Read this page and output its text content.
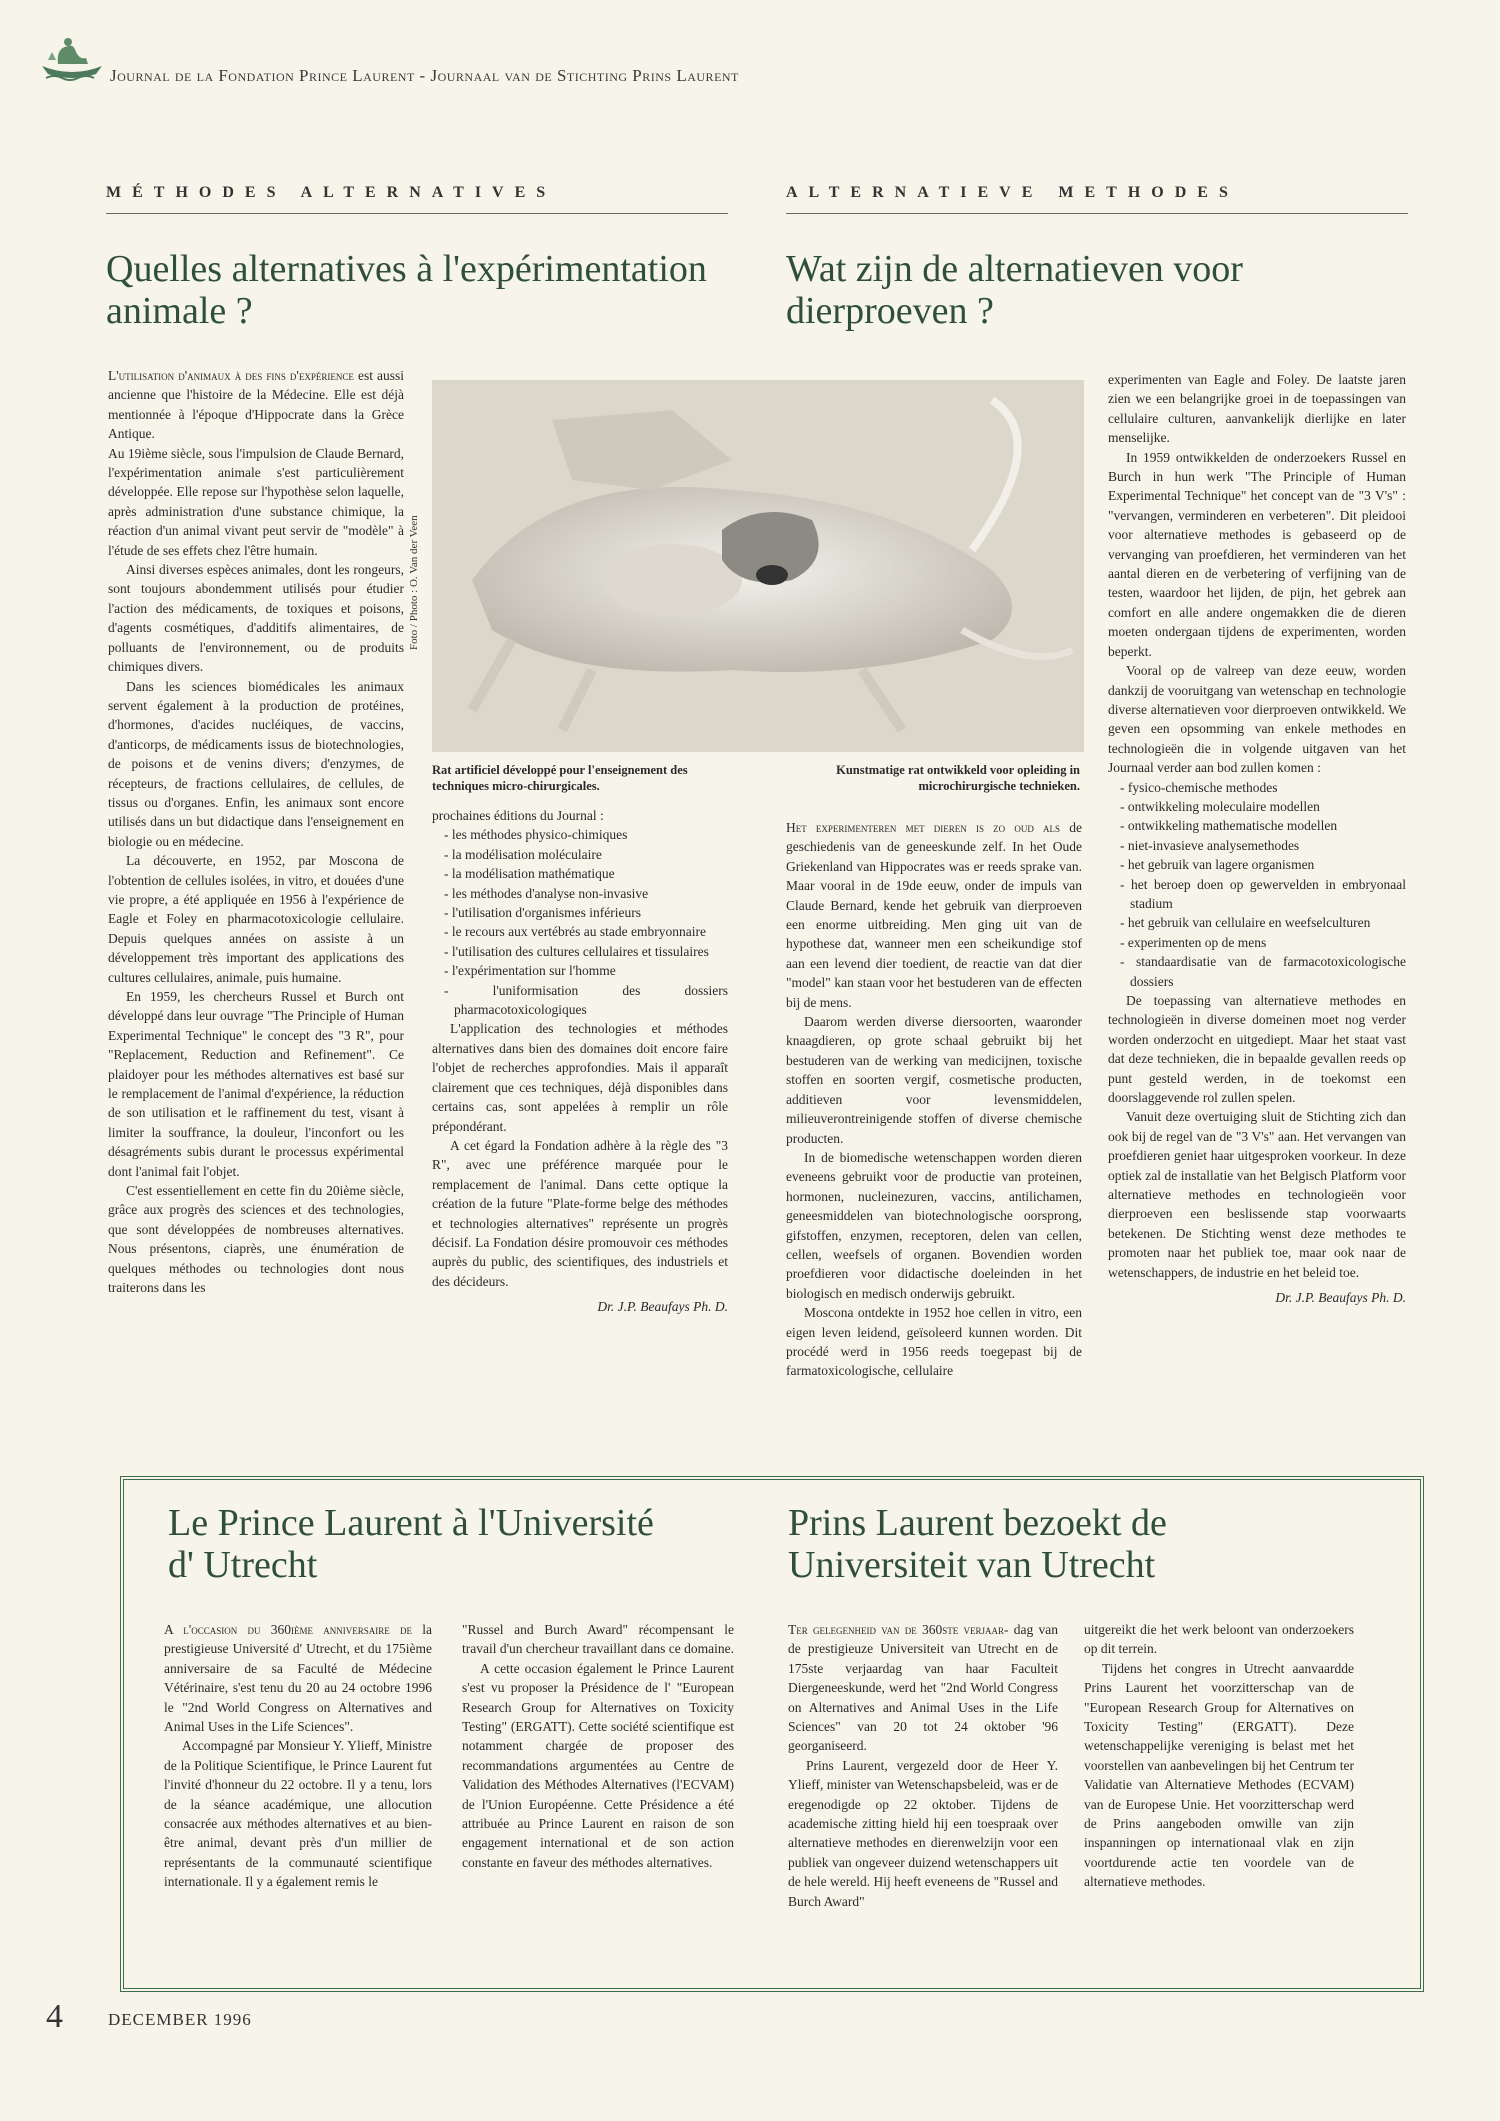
Journal de la Fondation Prince Laurent - Journaal van de Stichting Prins Laurent
MÉTHODES ALTERNATIVES	ALTERNATIEVE METHODES
Quelles alternatives à l'expérimentation animale ?
Wat zijn de alternatieven voor dierproeven ?

L'utilisation d'animaux à des fins d'expérience est aussi ancienne que l'histoire de la Médecine. Elle est déjà mentionnée à l'époque d'Hippocrate dans la Grèce Antique.

Au 19ième siècle, sous l'impulsion de Claude Bernard, l'expérimentation animale s'est particulièrement développée. Elle repose sur l'hypothèse selon laquelle, après administration d'une substance chimique, la réaction d'un animal vivant peut servir de "modèle" à l'étude de ses effets chez l'être humain.

Ainsi diverses espèces animales, dont les rongeurs, sont toujours abondemment utilisés pour étudier l'action des médicaments, de toxiques et poisons, d'agents cosmétiques, d'additifs alimentaires, de polluants de l'environnement, ou de produits chimiques divers.

Dans les sciences biomédicales les animaux servent également à la production de protéines, d'hormones, d'acides nucléiques, de vaccins, d'anticorps, de médicaments issus de biotechnologies, de poisons et de venins divers; d'enzymes, de récepteurs, de fractions cellulaires, de cellules, de tissus ou d'organes. Enfin, les animaux sont encore utilisés dans un but didactique dans l'enseignement en biologie ou en médecine.

La découverte, en 1952, par Moscona de l'obtention de cellules isolées, in vitro, et douées d'une vie propre, a été appliquée en 1956 à l'expérience de Eagle et Foley en pharmacotoxicologie cellulaire. Depuis quelques années on assiste à un développement très important des applications des cultures cellulaires, animale, puis humaine.

En 1959, les chercheurs Russel et Burch ont développé dans leur ouvrage "The Principle of Human Experimental Technique" le concept des "3 R", pour "Replacement, Reduction and Refinement". Ce plaidoyer pour les méthodes alternatives est basé sur le remplacement de l'animal d'expérience, la réduction de son utilisation et le raffinement du test, visant à limiter la souffrance, la douleur, l'inconfort ou les désagréments subis durant le processus expérimental dont l'animal fait l'objet.

C'est essentiellement en cette fin du 20ième siècle, grâce aux progrès des sciences et des technologies, que sont développées de nombreuses alternatives. Nous présentons, ciaprès, une énumération de quelques méthodes ou technologies dont nous traiterons dans les

Foto / Photo : O. Van der Veen
Rat artificiel développé pour l'enseignement des techniques micro-chirurgicales.
Kunstmatige rat ontwikkeld voor opleiding in microchirurgische technieken.

prochaines éditions du Journal :

- les méthodes physico-chimiques
- la modélisation moléculaire
- la modélisation mathématique
- les méthodes d'analyse non-invasive
- l'utilisation d'organismes inférieurs
- le recours aux vertébrés au stade embryonnaire
- l'utilisation des cultures cellulaires et tissulaires
- l'expérimentation sur l'homme
- l'uniformisation des dossiers pharmacotoxicologiques

L'application des technologies et méthodes alternatives dans bien des domaines doit encore faire l'objet de recherches approfondies. Mais il apparaît clairement que ces techniques, déjà disponibles dans certains cas, sont appelées à remplir un rôle prépondérant.

A cet égard la Fondation adhère à la règle des "3 R", avec une préférence marquée pour le remplacement de l'animal. Dans cette optique la création de la future "Plate-forme belge des méthodes et technologies alternatives" représente un progrès décisif. La Fondation désire promouvoir ces méthodes auprès du public, des scientifiques, des industriels et des décideurs.

Dr. J.P. Beaufays Ph. D.

Het experimenteren met dieren is zo oud als de geschiedenis van de geneeskunde zelf. In het Oude Griekenland van Hippocrates was er reeds sprake van. Maar vooral in de 19de eeuw, onder de impuls van Claude Bernard, kende het gebruik van dierproeven een enorme uitbreiding. Men ging uit van de hypothese dat, wanneer men een scheikundige stof aan een levend dier toedient, de reactie van dat dier "model" kan staan voor het bestuderen van de effecten bij de mens.

Daarom werden diverse diersoorten, waaronder knaagdieren, op grote schaal gebruikt bij het bestuderen van de werking van medicijnen, toxische stoffen en soorten vergif, cosmetische producten, additieven voor levensmiddelen, milieuverontreinigende stoffen of diverse chemische producten.

In de biomedische wetenschappen worden dieren eveneens gebruikt voor de productie van proteinen, hormonen, nucleinezuren, vaccins, antilichamen, geneesmiddelen van biotechnologische oorsprong, gifstoffen, enzymen, receptoren, delen van cellen, cellen, weefsels of organen. Bovendien worden proefdieren voor didactische doeleinden in het biologisch en medisch onderwijs gebruikt.

Moscona ontdekte in 1952 hoe cellen in vitro, een eigen leven leidend, geïsoleerd kunnen worden. Dit procédé werd in 1956 reeds toegepast bij de farmatoxicologische, cellulaire

experimenten van Eagle and Foley. De laatste jaren zien we een belangrijke groei in de toepassingen van cellulaire culturen, aanvankelijk dierlijke en later menselijke.

In 1959 ontwikkelden de onderzoekers Russel en Burch in hun werk "The Principle of Human Experimental Technique" het concept van de "3 V's" : "vervangen, verminderen en verbeteren". Dit pleidooi voor alternatieve methodes is gebaseerd op de vervanging van proefdieren, het verminderen van het aantal dieren en de verbetering of verfijning van de testen, waardoor het lijden, de pijn, het gebrek aan comfort en alle andere ongemakken die de dieren moeten ondergaan tijdens de experimenten, worden beperkt.

Vooral op de valreep van deze eeuw, worden dankzij de vooruitgang van wetenschap en technologie diverse alternatieven voor dierproeven ontwikkeld. We geven een opsomming van enkele methodes en technologieën die in volgende uitgaven van het Journaal verder aan bod zullen komen :

- fysico-chemische methodes
- ontwikkeling moleculaire modellen
- ontwikkeling mathematische modellen
- niet-invasieve analysemethodes
- het gebruik van lagere organismen
- het beroep doen op gewervelden in embryonaal stadium
- het gebruik van cellulaire en weefselculturen
- experimenten op de mens
- standaardisatie van de farmacotoxicologische dossiers

De toepassing van alternatieve methodes en technologieën in diverse domeinen moet nog verder worden onderzocht en uitgediept. Maar het staat vast dat deze technieken, die in bepaalde gevallen reeds op punt gesteld werden, in de toekomst een doorslaggevende rol zullen spelen.

Vanuit deze overtuiging sluit de Stichting zich dan ook bij de regel van de "3 V's" aan. Het vervangen van proefdieren geniet haar uitgesproken voorkeur. In deze optiek zal de installatie van het Belgisch Platform voor alternatieve methodes en technologieën voor dierproeven een beslissende stap voorwaarts betekenen. De Stichting wenst deze methodes te promoten naar het publiek toe, maar ook naar de wetenschappers, de industrie en het beleid toe.

Dr. J.P. Beaufays Ph. D.

Le Prince Laurent à l'Université d' Utrecht
Prins Laurent bezoekt de Universiteit van Utrecht

A l'occasion du 360ième anniversaire de la prestigieuse Université d' Utrecht, et du 175ième anniversaire de sa Faculté de Médecine Vétérinaire, s'est tenu du 20 au 24 octobre 1996 le "2nd World Congress on Alternatives and Animal Uses in the Life Sciences".

Accompagné par Monsieur Y. Ylieff, Ministre de la Politique Scientifique, le Prince Laurent fut l'invité d'honneur du 22 octobre. Il y a tenu, lors de la séance académique, une allocution consacrée aux méthodes alternatives et au bien-être animal, devant près d'un millier de représentants de la communauté scientifique internationale. Il y a également remis le

"Russel and Burch Award" récompensant le travail d'un chercheur travaillant dans ce domaine.

A cette occasion également le Prince Laurent s'est vu proposer la Présidence de l' "European Research Group for Alternatives on Toxicity Testing" (ERGATT). Cette société scientifique est notamment chargée de proposer des recommandations argumentées au Centre de Validation des Méthodes Alternatives (l'ECVAM) de l'Union Européenne. Cette Présidence a été attribuée au Prince Laurent en raison de son engagement international et de son action constante en faveur des méthodes alternatives.

Ter gelegenheid van de 360ste verjaar- dag van de prestigieuze Universiteit van Utrecht en de 175ste verjaardag van haar Faculteit Diergeneeskunde, werd het "2nd World Congress on Alternatives and Animal Uses in the Life Sciences" van 20 tot 24 oktober '96 georganiseerd.

Prins Laurent, vergezeld door de Heer Y. Ylieff, minister van Wetenschapsbeleid, was er de eregenodigde op 22 oktober. Tijdens de academische zitting hield hij een toespraak over alternatieve methodes en dierenwelzijn voor een publiek van ongeveer duizend wetenschappers uit de hele wereld. Hij heeft eveneens de "Russel and Burch Award"

uitgereikt die het werk beloont van onderzoekers op dit terrein.

Tijdens het congres in Utrecht aanvaardde Prins Laurent het voorzitterschap van de "European Research Group for Alternatives on Toxicity Testing" (ERGATT). Deze wetenschappelijke vereniging is belast met het voorstellen van aanbevelingen bij het Centrum ter Validatie van Alternatieve Methodes (ECVAM) van de Europese Unie. Het voorzitterschap werd de Prins aangeboden omwille van zijn inspanningen op internationaal vlak en zijn voortdurende actie ten voordele van de alternatieve methodes.

4	DECEMBER 1996
